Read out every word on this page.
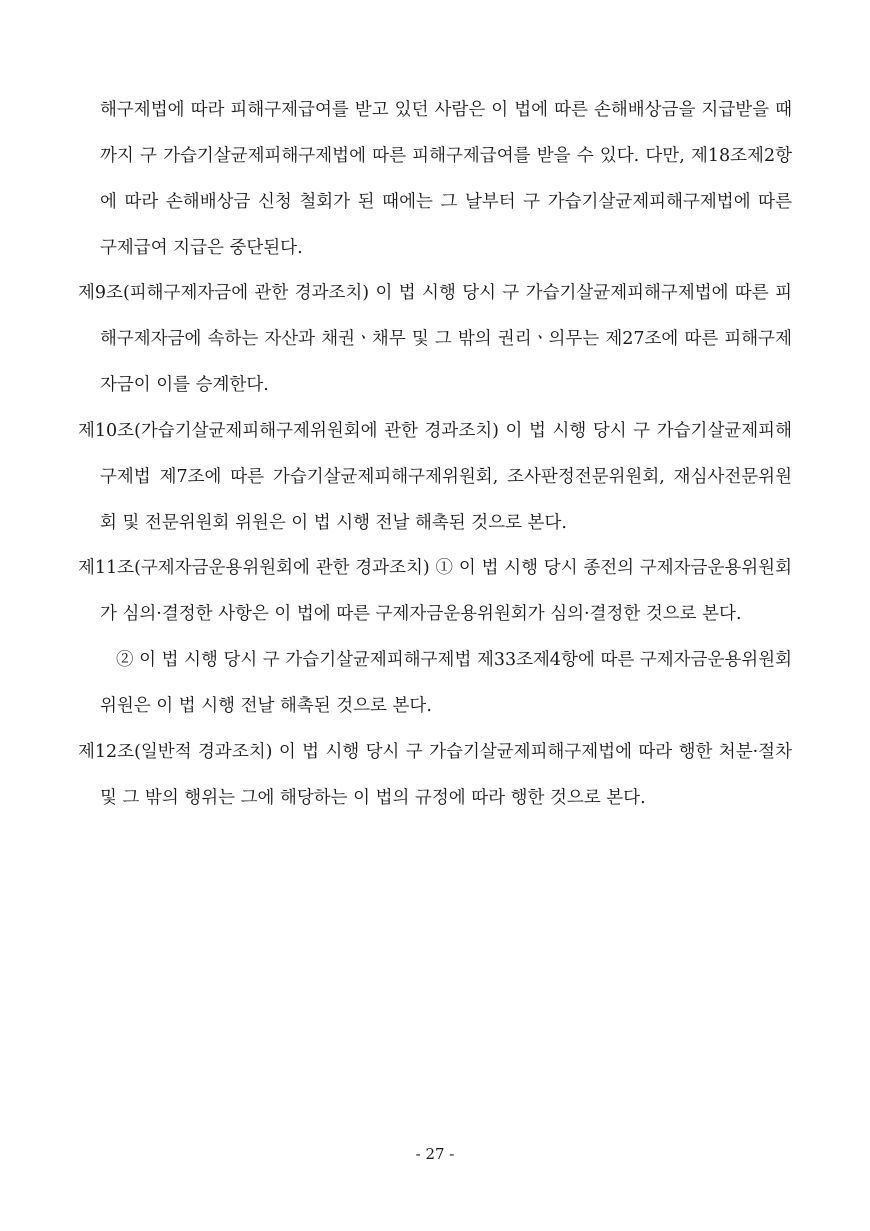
해구제법에 따라 피해구제급여를 받고 있던 사람은 이 법에 따른 손해배상금을 지급받을 때까지 구 가습기살균제피해구제법에 따른 피해구제급여를 받을 수 있다. 다만, 제18조제2항에 따라 손해배상금 신청 철회가 된 때에는 그 날부터 구 가습기살균제피해구제법에 따른 구제급여 지급은 중단된다.

제9조(피해구제자금에 관한 경과조치) 이 법 시행 당시 구 가습기살균제피해구제법에 따른 피해구제자금에 속하는 자산과 채권ㆍ채무 및 그 밖의 권리ㆍ의무는 제27조에 따른 피해구제자금이 이를 승계한다.

제10조(가습기살균제피해구제위원회에 관한 경과조치) 이 법 시행 당시 구 가습기살균제피해구제법 제7조에 따른 가습기살균제피해구제위원회, 조사판정전문위원회, 재심사전문위원회 및 전문위원회 위원은 이 법 시행 전날 해촉된 것으로 본다.

제11조(구제자금운용위원회에 관한 경과조치) ① 이 법 시행 당시 종전의 구제자금운용위원회가 심의·결정한 사항은 이 법에 따른 구제자금운용위원회가 심의·결정한 것으로 본다.

② 이 법 시행 당시 구 가습기살균제피해구제법 제33조제4항에 따른 구제자금운용위원회 위원은 이 법 시행 전날 해촉된 것으로 본다.

제12조(일반적 경과조치) 이 법 시행 당시 구 가습기살균제피해구제법에 따라 행한 처분·절차 및 그 밖의 행위는 그에 해당하는 이 법의 규정에 따라 행한 것으로 본다.

- 27 -
